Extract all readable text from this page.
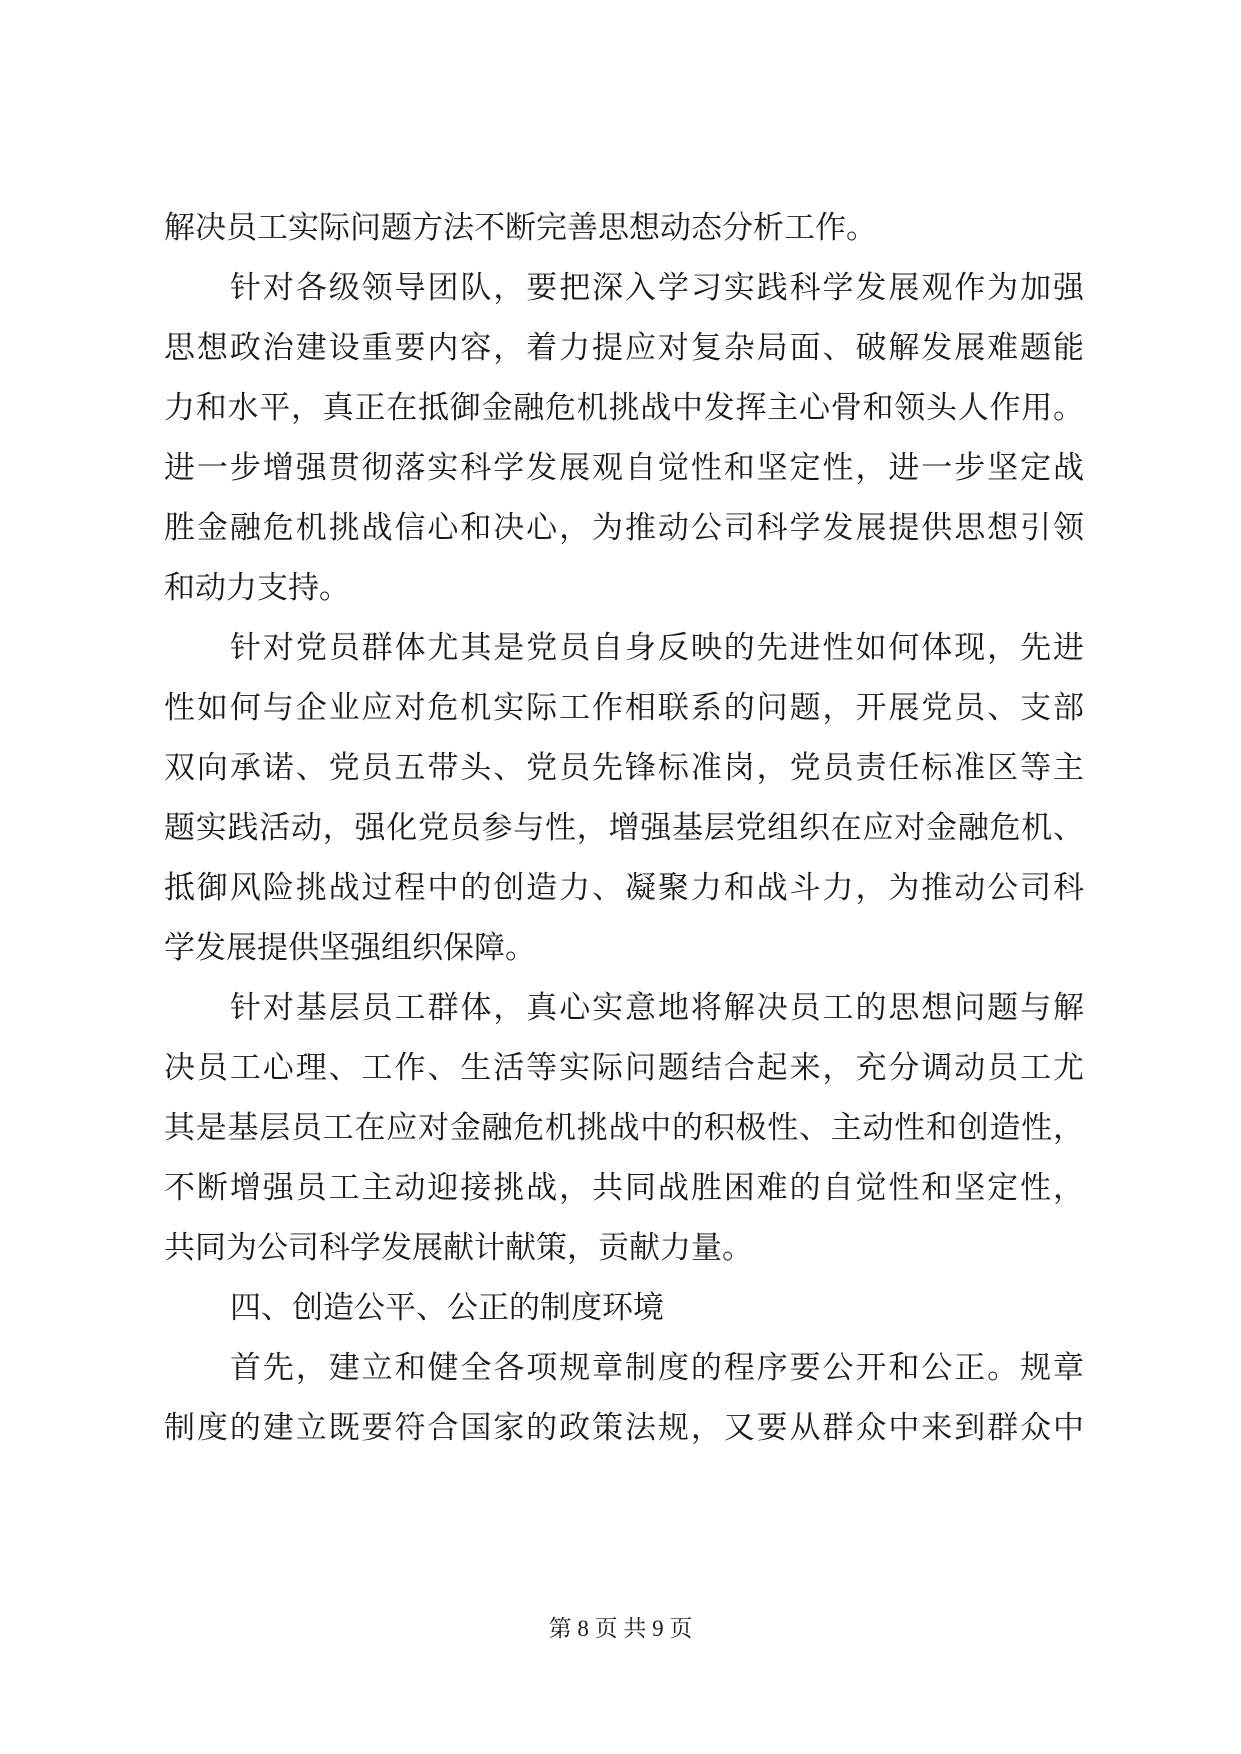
解决员工实际问题方法不断完善思想动态分析工作。
针对各级领导团队，要把深入学习实践科学发展观作为加强
思想政治建设重要内容，着力提应对复杂局面、破解发展难题能
力和水平，真正在抵御金融危机挑战中发挥主心骨和领头人作用。
进一步增强贯彻落实科学发展观自觉性和坚定性，进一步坚定战
胜金融危机挑战信心和决心，为推动公司科学发展提供思想引领
和动力支持。
针对党员群体尤其是党员自身反映的先进性如何体现，先进
性如何与企业应对危机实际工作相联系的问题，开展党员、支部
双向承诺、党员五带头、党员先锋标准岗，党员责任标准区等主
题实践活动，强化党员参与性，增强基层党组织在应对金融危机、
抵御风险挑战过程中的创造力、凝聚力和战斗力，为推动公司科
学发展提供坚强组织保障。
针对基层员工群体，真心实意地将解决员工的思想问题与解
决员工心理、工作、生活等实际问题结合起来，充分调动员工尤
其是基层员工在应对金融危机挑战中的积极性、主动性和创造性，
不断增强员工主动迎接挑战，共同战胜困难的自觉性和坚定性，
共同为公司科学发展献计献策，贡献力量。
四、创造公平、公正的制度环境
首先，建立和健全各项规章制度的程序要公开和公正。规章
制度的建立既要符合国家的政策法规，又要从群众中来到群众中
第 8 页 共 9 页
